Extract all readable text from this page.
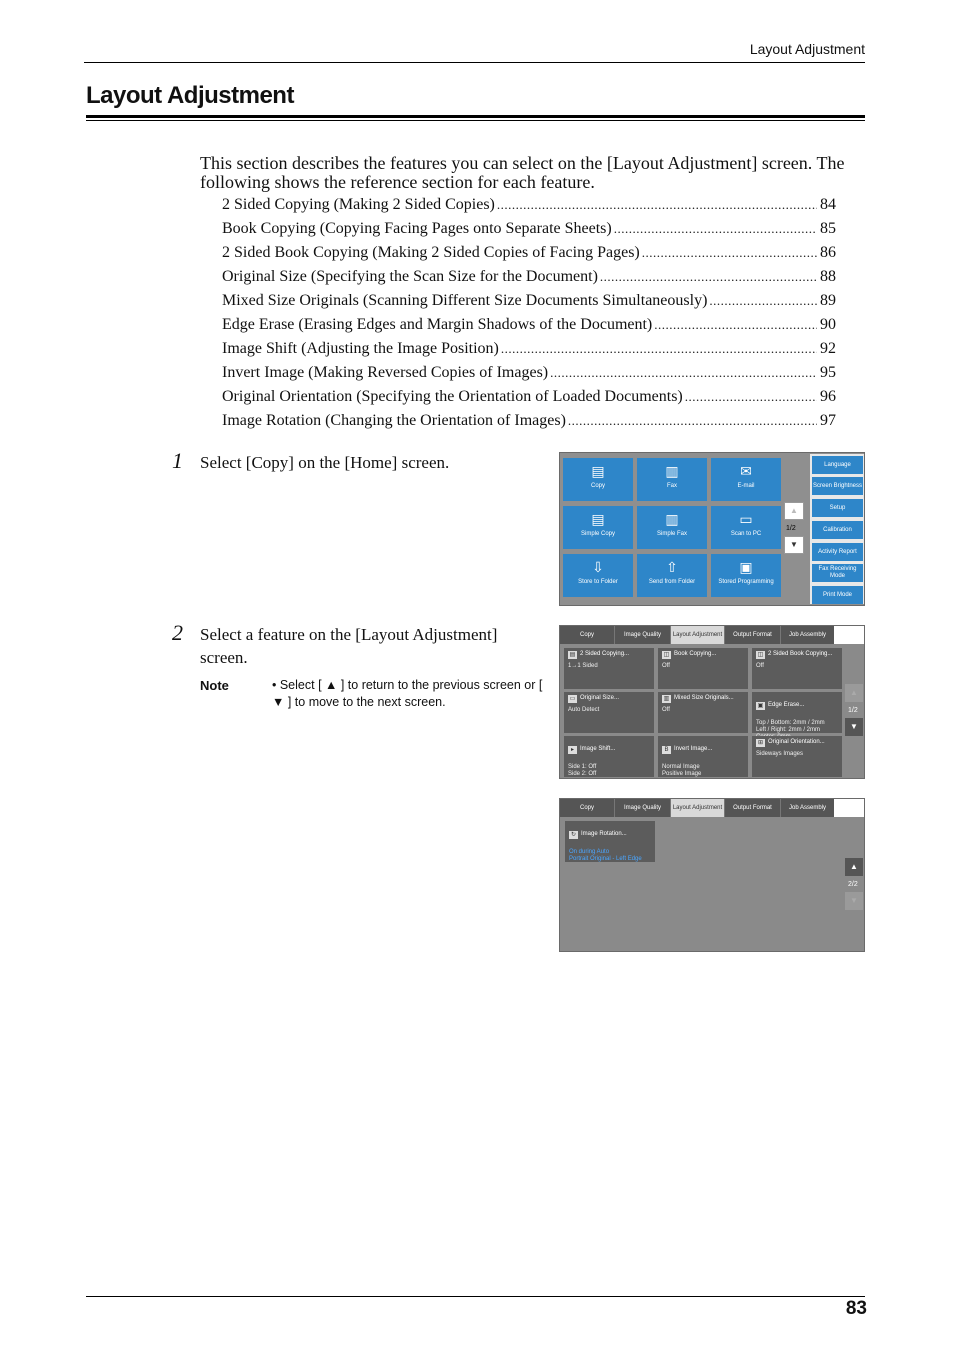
Layout Adjustment
Layout Adjustment
This section describes the features you can select on the [Layout Adjustment] screen. The following shows the reference section for each feature.
2 Sided Copying (Making 2 Sided Copies) .....	84
Book Copying (Copying Facing Pages onto Separate Sheets) .....	85
2 Sided Book Copying (Making 2 Sided Copies of Facing Pages) .....	86
Original Size (Specifying the Scan Size for the Document) .....	88
Mixed Size Originals (Scanning Different Size Documents Simultaneously) .....	89
Edge Erase (Erasing Edges and Margin Shadows of the Document) .....	90
Image Shift (Adjusting the Image Position) .....	92
Invert Image (Making Reversed Copies of Images) .....	95
Original Orientation (Specifying the Orientation of Loaded Documents) .....	96
Image Rotation (Changing the Orientation of Images) .....	97
1 Select [Copy] on the [Home] screen.	▤
Copy
▥
Fax
✉
E-mail
▤
Simple Copy
▥
Simple Fax
▭
Scan to PC
⇩
Store to Folder
⇧
Send from Folder
▣
Stored Programming
▲
1/2
▼
Language
Screen Brightness
Setup
Calibration
Activity Report
Fax Receiving Mode
Print Mode
2 Select a feature on the [Layout Adjustment] screen.
Note	• Select [ ▲ ] to return to the previous screen or [ ▼ ] to move to the next screen.
Copy	Image Quality	Layout Adjustment	Output Format	Job Assembly
▤ 2 Sided Copying...
1→1 Sided
◫ Book Copying...
Off
◫ 2 Sided Book Copying...
Off
▭ Original Size...
Auto Detect
▥ Mixed Size Originals...
Off

▣ Edge Erase...

Top / Bottom: 2mm / 2mm
Left / Right: 2mm / 2mm

▸	Image Shift...

Side 1: Off
Side 2: Off

B Invert Image...

Normal Image
Positive Image

⊞ Original Orientation...
Sideways Images
▲
1/2
▼
Copy	Image Quality	Layout Adjustment	Output Format	Job Assembly

↻ Image Rotation...

On during Auto
Portrait Original - Left Edge

▲
2/2
▼
83
